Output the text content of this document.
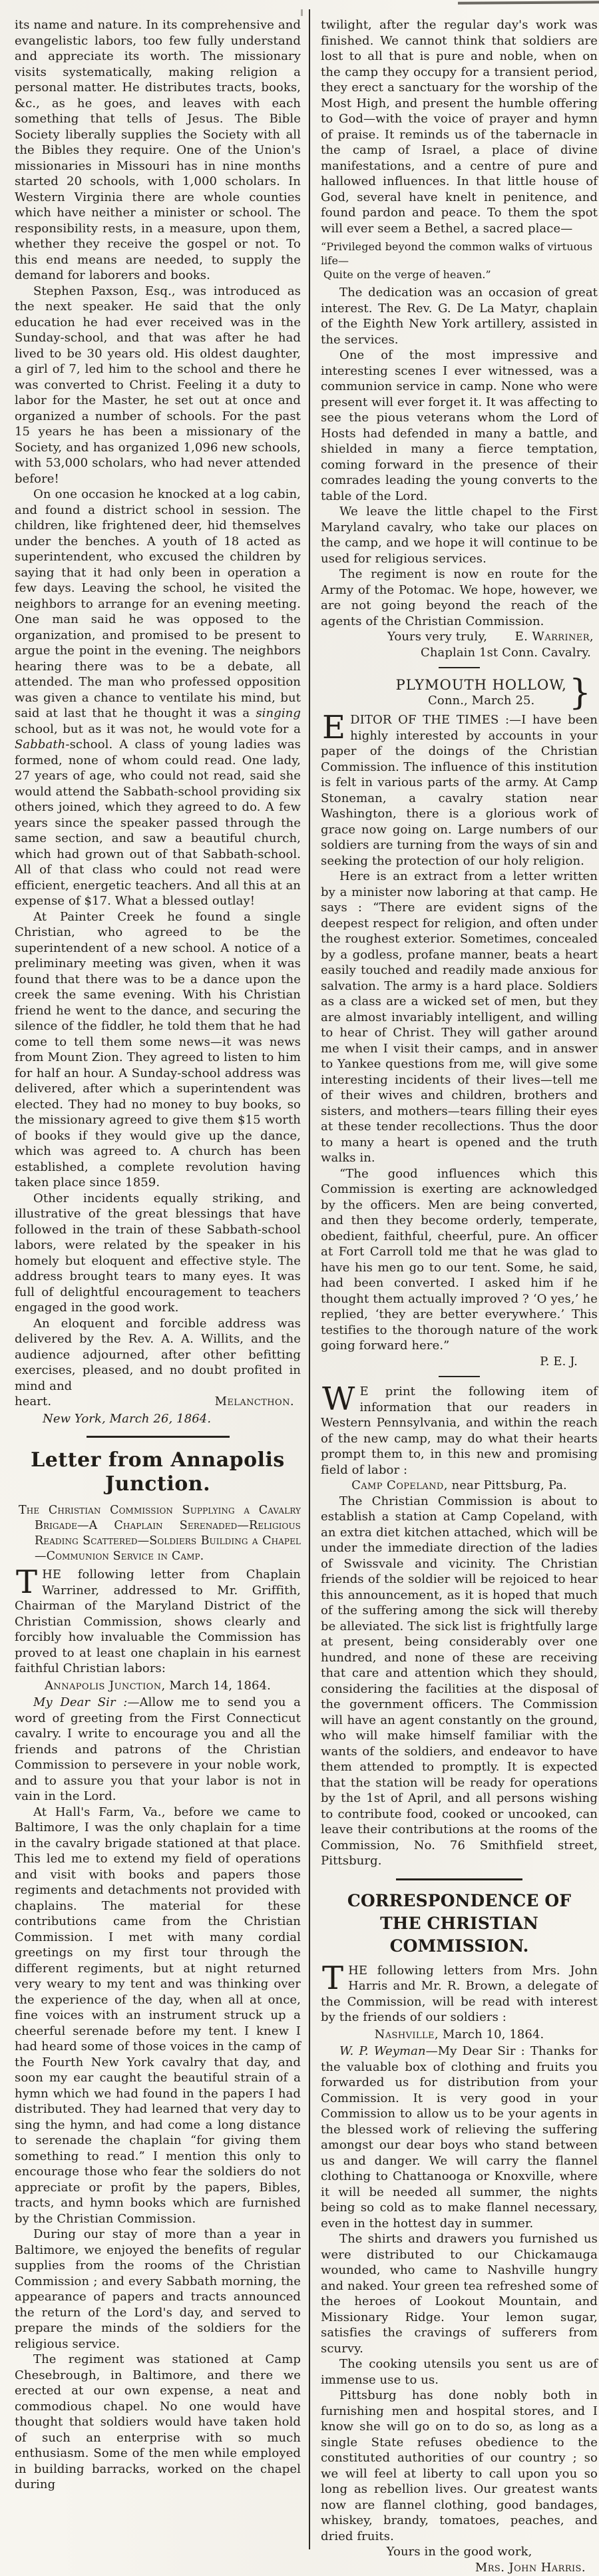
its name and nature. In its comprehensive and evangelistic labors, too few fully understand and appreciate its worth. The missionary visits systematically, making religion a personal matter. He distributes tracts, books, &c., as he goes, and leaves with each something that tells of Jesus. The Bible Society liberally supplies the Society with all the Bibles they require. One of the Union's missionaries in Missouri has in nine months started 20 schools, with 1,000 scholars. In Western Virginia there are whole counties which have neither a minister or school. The responsibility rests, in a measure, upon them, whether they receive the gospel or not. To this end means are needed, to supply the demand for laborers and books.

Stephen Paxson, Esq., was introduced as the next speaker. He said that the only education he had ever received was in the Sunday-school, and that was after he had lived to be 30 years old. His oldest daughter, a girl of 7, led him to the school and there he was converted to Christ. Feeling it a duty to labor for the Master, he set out at once and organized a number of schools. For the past 15 years he has been a missionary of the Society, and has organized 1,096 new schools, with 53,000 scholars, who had never attended before!

On one occasion he knocked at a log cabin, and found a district school in session. The children, like frightened deer, hid themselves under the benches. A youth of 18 acted as superintendent, who excused the children by saying that it had only been in operation a few days. Leaving the school, he visited the neighbors to arrange for an evening meeting. One man said he was opposed to the organization, and promised to be present to argue the point in the evening. The neighbors hearing there was to be a debate, all attended. The man who professed opposition was given a chance to ventilate his mind, but said at last that he thought it was a singing school, but as it was not, he would vote for a Sabbath-school. A class of young ladies was formed, none of whom could read. One lady, 27 years of age, who could not read, said she would attend the Sabbath-school providing six others joined, which they agreed to do. A few years since the speaker passed through the same section, and saw a beautiful church, which had grown out of that Sabbath-school. All of that class who could not read were efficient, energetic teachers. And all this at an expense of $17. What a blessed outlay!

At Painter Creek he found a single Christian, who agreed to be the superintendent of a new school. A notice of a preliminary meeting was given, when it was found that there was to be a dance upon the creek the same evening. With his Christian friend he went to the dance, and securing the silence of the fiddler, he told them that he had come to tell them some news—it was news from Mount Zion. They agreed to listen to him for half an hour. A Sunday-school address was delivered, after which a superintendent was elected. They had no money to buy books, so the missionary agreed to give them $15 worth of books if they would give up the dance, which was agreed to. A church has been established, a complete revolution having taken place since 1859.

Other incidents equally striking, and illustrative of the great blessings that have followed in the train of these Sabbath-school labors, were related by the speaker in his homely but eloquent and effective style. The address brought tears to many eyes. It was full of delightful encouragement to teachers engaged in the good work.

An eloquent and forcible address was delivered by the Rev. A. A. Willits, and the audience adjourned, after other befitting exercises, pleased, and no doubt profited in mind and

heart.	Melancthon.
New York, March 26, 1864.
Letter from Annapolis Junction.
The Christian Commission Supplying a Cavalry Brigade—A Chaplain Serenaded—Religious Reading Scattered—Soldiers Building a Chapel—Communion Service in Camp.

THE following letter from Chaplain Warriner, addressed to Mr. Griffith, Chairman of the Maryland District of the Christian Commission, shows clearly and forcibly how invaluable the Commission has proved to at least one chaplain in his earnest faithful Christian labors:

Annapolis Junction, March 14, 1864.

My Dear Sir :—Allow me to send you a word of greeting from the First Connecticut cavalry. I write to encourage you and all the friends and patrons of the Christian Commission to persevere in your noble work, and to assure you that your labor is not in vain in the Lord.

At Hall's Farm, Va., before we came to Baltimore, I was the only chaplain for a time in the cavalry brigade stationed at that place. This led me to extend my field of operations and visit with books and papers those regiments and detachments not provided with chaplains. The material for these contributions came from the Christian Commission. I met with many cordial greetings on my first tour through the different regiments, but at night returned very weary to my tent and was thinking over the experience of the day, when all at once, fine voices with an instrument struck up a cheerful serenade before my tent. I knew I had heard some of those voices in the camp of the Fourth New York cavalry that day, and soon my ear caught the beautiful strain of a hymn which we had found in the papers I had distributed. They had learned that very day to sing the hymn, and had come a long distance to serenade the chaplain “for giving them something to read.” I mention this only to encourage those who fear the soldiers do not appreciate or profit by the papers, Bibles, tracts, and hymn books which are furnished by the Christian Commission.

During our stay of more than a year in Baltimore, we enjoyed the benefits of regular supplies from the rooms of the Christian Commission ; and every Sabbath morning, the appearance of papers and tracts announced the return of the Lord's day, and served to prepare the minds of the soldiers for the religious service.

The regiment was stationed at Camp Chesebrough, in Baltimore, and there we erected at our own expense, a neat and commodious chapel. No one would have thought that soldiers would have taken hold of such an enterprise with so much enthusiasm. Some of the men while employed in building barracks, worked on the chapel during

twilight, after the regular day's work was finished. We cannot think that soldiers are lost to all that is pure and noble, when on the camp they occupy for a transient period, they erect a sanctuary for the worship of the Most High, and present the humble offering to God—with the voice of prayer and hymn of praise. It reminds us of the tabernacle in the camp of Israel, a place of divine manifestations, and a centre of pure and hallowed influences. In that little house of God, several have knelt in penitence, and found pardon and peace. To them the spot will ever seem a Bethel, a sacred place—

“Privileged beyond the common walks of virtuous life—
Quite on the verge of heaven.”

The dedication was an occasion of great interest. The Rev. G. De La Matyr, chaplain of the Eighth New York artillery, assisted in the services.

One of the most impressive and interesting scenes I ever witnessed, was a communion service in camp. None who were present will ever forget it. It was affecting to see the pious veterans whom the Lord of Hosts had defended in many a battle, and shielded in many a fierce temptation, coming forward in the presence of their comrades leading the young converts to the table of the Lord.

We leave the little chapel to the First Maryland cavalry, who take our places on the camp, and we hope it will continue to be used for religious services.

The regiment is now en route for the Army of the Potomac. We hope, however, we are not going beyond the reach of the agents of the Christian Commission.

Yours very truly, E. Warriner,
Chaplain 1st Conn. Cavalry.
PLYMOUTH HOLLOW,
Conn., March 25. }

EDITOR OF THE TIMES :—I have been highly interested by accounts in your paper of the doings of the Christian Commission. The influence of this institution is felt in various parts of the army. At Camp Stoneman, a cavalry station near Washington, there is a glorious work of grace now going on. Large numbers of our soldiers are turning from the ways of sin and seeking the protection of our holy religion.

Here is an extract from a letter written by a minister now laboring at that camp. He says : “There are evident signs of the deepest respect for religion, and often under the roughest exterior. Sometimes, concealed by a godless, profane manner, beats a heart easily touched and readily made anxious for salvation. The army is a hard place. Soldiers as a class are a wicked set of men, but they are almost invariably intelligent, and willing to hear of Christ. They will gather around me when I visit their camps, and in answer to Yankee questions from me, will give some interesting incidents of their lives—tell me of their wives and children, brothers and sisters, and mothers—tears filling their eyes at these tender recollections. Thus the door to many a heart is opened and the truth walks in.

“The good influences which this Commission is exerting are acknowledged by the officers. Men are being converted, and then they become orderly, temperate, obedient, faithful, cheerful, pure. An officer at Fort Carroll told me that he was glad to have his men go to our tent. Some, he said, had been converted. I asked him if he thought them actually improved ? ‘O yes,’ he replied, ‘they are better everywhere.’ This testifies to the thorough nature of the work going forward here.”

P. E. J.

W E print the following item of information that our readers in Western Pennsylvania, and within the reach of the new camp, may do what their hearts prompt them to, in this new and promising field of labor :

Camp Copeland, near Pittsburg, Pa.

The Christian Commission is about to establish a station at Camp Copeland, with an extra diet kitchen attached, which will be under the immediate direction of the ladies of Swissvale and vicinity. The Christian friends of the soldier will be rejoiced to hear this announcement, as it is hoped that much of the suffering among the sick will thereby be alleviated. The sick list is frightfully large at present, being considerably over one hundred, and none of these are receiving that care and attention which they should, considering the facilities at the disposal of the government officers. The Commission will have an agent constantly on the ground, who will make himself familiar with the wants of the soldiers, and endeavor to have them attended to promptly. It is expected that the station will be ready for operations by the 1st of April, and all persons wishing to contribute food, cooked or uncooked, can leave their contributions at the rooms of the Commission, No. 76 Smithfield street, Pittsburg.

CORRESPONDENCE OF
THE CHRISTIAN COMMISSION.

THE following letters from Mrs. John Harris and Mr. R. Brown, a delegate of the Commission, will be read with interest by the friends of our soldiers :

Nashville, March 10, 1864.

W. P. Weyman—My Dear Sir : Thanks for the valuable box of clothing and fruits you forwarded us for distribution from your Commission. It is very good in your Commission to allow us to be your agents in the blessed work of relieving the suffering amongst our dear boys who stand between us and danger. We will carry the flannel clothing to Chattanooga or Knoxville, where it will be needed all summer, the nights being so cold as to make flannel necessary, even in the hottest day in summer.

The shirts and drawers you furnished us were distributed to our Chickamauga wounded, who came to Nashville hungry and naked. Your green tea refreshed some of the heroes of Lookout Mountain, and Missionary Ridge. Your lemon sugar, satisfies the cravings of sufferers from scurvy.

The cooking utensils you sent us are of immense use to us.

Pittsburg has done nobly both in furnishing men and hospital stores, and I know she will go on to do so, as long as a single State refuses obedience to the constituted authorities of our country ; so we will feel at liberty to call upon you so long as rebellion lives. Our greatest wants now are flannel clothing, good bandages, whiskey, brandy, tomatoes, peaches, and dried fruits.

Yours in the good work,
Mrs. John Harris.
